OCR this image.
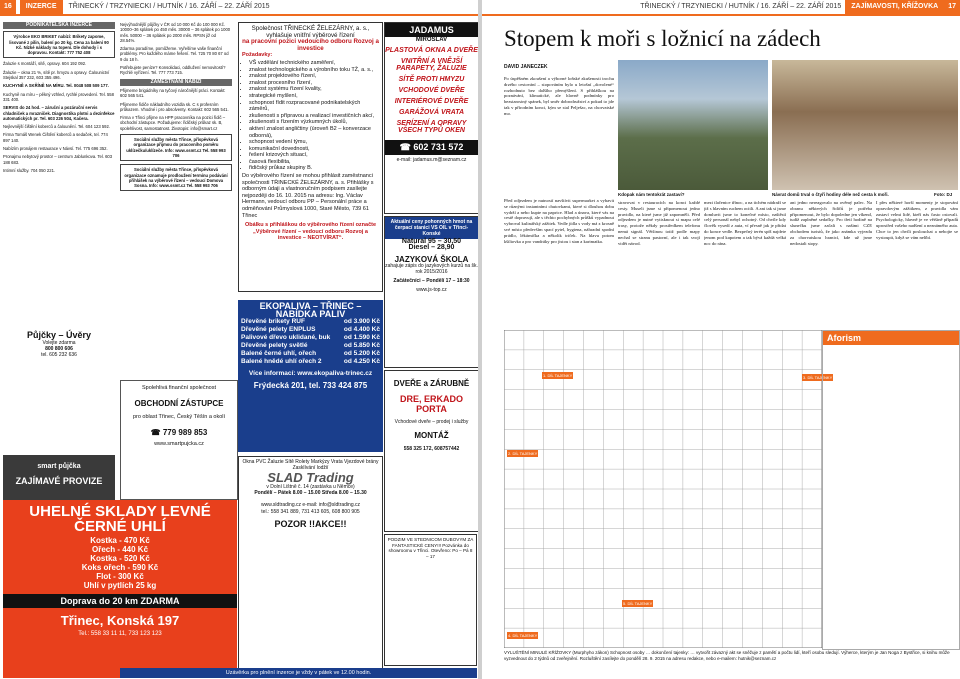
16 INZERCE TŘINECKÝ / TRZYNIECKI / HUTNÍK / 16. ZÁŘÍ – 22. ZÁŘÍ 2015
PODNIKATELSKÁ INZERCE
Výrobce EKO BRIKET nabízí: Brikety zapome, lisované z pilin, balení po 20 kg. Cena za balení 90 Kč. Nízké náklady na topení. Dle dohody i s dopravou. Kontakt: 777 752 408

Žaluzie s montáží, sítě, opravy. 604 192 092.

Žaluzie – okna 21 %, sítě pr. hmyzu a opravy. Čalounictví Stejskal 357 232, 603 355 496.

KUCHYNĚ A SKŘÍNĚ NA MÍRU. Tel. 0048 508 509 177.

Kuchyně na míru – pěkný vzhled, rychlé provedení. Tel. 558 331 400.

SERVIS do 24 hod. – záruční a pozáruční servis chladniček a mrazniček. Diagnostika plotni a dezinfekce automatických pr. Tel. 603 226 504, Kačera.

Nejlevnější čištění koberců a čalounění. Tel. 604 123 592.

Firma Tomáš Wenek Čištění koberců a sedaček, tel. 774 897 140.

Nabízím pronájem restaurace v Návsí. Tel. 775 696 352.

Pronajmu nebytový prostor – centrum Jablunkova. Tel. 603 188 683.

Intimní služby. 704 050 221.

Půjčky – Úvěry
Volejte zdarma
800 800 606
tel. 605 232 636

Nejvýhodnější půjčky v ČR od 10 000 Kč do 100 000 Kč. 10000–36 splátek po 450 měs. 30000 – 36 splátek po 1000 měs. 50000 – 36 splátek po 2000 měs. RPSN již od 28.54%.

Zdarma poradíme, pomůžeme. Vyřešíme vaše finanční problémy. Pro každého máme řešení. Tel. 725 70 80 67 od 9 do 18 h.

Potřebujete peníze? Konsolidaci, oddlužení nemovitostí? Rychlé vyřízení. Tel. 777 773 715.

ZAMĚSTNÁNÍ NABÍZÍ

Přijmeme brigádníky na tyčový náročnější práci. Kontakt: 602 565 541.

Přijmeme řidiče nákladního vozidla sk. C s profesním průkazem. Vhodné i pro absolventy. Kontakt: 602 565 541.

Firma v Třinci přijme na HPP pracovníka na pozici řidič – obchodní zástupce. Požadujeme: řidičský průkaz sk. B, spolehlivost, samostatnost. Životopis: info@smart.cz

Sociální služby města Třince, příspěvková organizace přijmou do pracovního poměru uklízečku/uklízeče. Info: www.ssmt.cz Tel. 558 993 706
Sociální služby města Třince, příspěvková organizace oznamuje prodloužení termínu podávání přihlášek na výběrové řízení – vedoucí Domova Sosna. Info: www.ssmt.cz Tel. 558 993 706
smart půjčka
ZAJÍMAVÉ PROVIZE
Spolehlivá finanční společnost
OBCHODNÍ ZÁSTUPCE
pro oblast Třinec, Český Těšín a okolí
☎ 779 989 853
www.smartpujcka.cz
UHELNÉ SKLADY LEVNÉ ČERNÉ UHLÍ
Kostka - 470 Kč
Ořech - 440 Kč
Kostka - 520 Kč
Koks ořech - 590 Kč
Flot - 300 Kč
Uhlí v pytlích 25 kg
Doprava do 20 km ZDARMA
Třinec, Konská 197
Tel.: 558 33 11 11, 733 123 123
Společnost TŘINECKÉ ŽELEZÁRNY, a. s., vyhlašuje vnitřní výběrové řízení
na pracovní pozici vedoucího odboru Rozvoj a investice
Požadavky:
• VŠ vzdělání technického zaměření,
• znalost technologického a výrobního toku TŽ, a. s.,
• znalost projektového řízení,
• znalost procesního řízení,
• znalost systému řízení kvality,
• strategické myšlení,
• schopnost řídit rozpracované podnikatelských záměrů,
• zkušenosti s přípravou a realizací investičních akcí,
• zkušenosti s řízením výzkumných úkolů,
• aktivní znalost angličtiny (úroveň B2 – konverzace odborná),
• schopnost vedení týmu,
• komunikační dovednosti,
• řešení krizových situací,
• časová flexibilita,
• řidičský průkaz skupiny B.
Do výběrového řízení se mohou přihlásit zaměstnanci společnosti TŘINECKÉ ŽELEZÁRNY, a. s. Přihlášky s odborným údaji a vlastnoručním podpisem zasílejte nejpozději do 16. 10. 2015 na adresu: Ing. Václav Hermann, vedoucí odboru PP – Personální práce a odměňování Průmyslová 1000, Staré Město, 739 61 Třinec
Obálku s přihláškou do výběrového řízení označte „Výběrové řízení – vedoucí odboru Rozvoj a investice – NEOTVÍRAT“.
JADAMUS
MIROSLAV
PLASTOVÁ OKNA A DVEŘE
VNITŘNÍ A VNĚJŠÍ PARAPETY, ŽALUZIE
SÍTĚ PROTI HMYZU
VCHODOVÉ DVEŘE
INTERIÉROVÉ DVEŘE
GARÁŽOVÁ VRATA
SERÍZENÍ A OPRAVY VŠECH TYPŮ OKEN
☎ 602 731 572
e-mail: jadamus.m@seznam.cz
Aktuální ceny pohonných hmot na čerpací stanici VS OIL v Třinci-Konské
Natural 95 – 30,50
Diesel – 28,90
JAZYKOVÁ ŠKOLA
zahajuje zápis do jazykových kurzů na šk. rok 2015/2016
Začátečníci – Pondělí 17 – 18:30
www.js-top.cz
EKOPALIVA – TŘINEC – NABÍDKA PALIV
Dřevěné brikety RUF	od 3.900 Kč
Dřevěné pelety ENPLUS	od 4.400 Kč
Palivové dřevo uklidané, buk od 1.590 Kč
Dřevěné pelety světlé	od 5.850 Kč
Balené černé uhlí, ořech	od 5.200 Kč
Balené hnědé uhlí ořech 2	od 4.250 Kč
Více informací: www.ekopaliva-trinec.cz
Frýdecká 201, tel. 733 424 875
Okna PVC Žaluzie Sítě Rolety Markýzy Vrata Vjezdové brány Zasklívání lodžií
SLAD Trading
v Dolní Lištně č. 14 (zastávka u Němce)
Pondělí – Pátek 8.00 – 15.00 Středa 8.00 – 15.30
www.sldtrading.cz e-mail: info@sldtrading.cz
tel.: 558 341 889, 731 413 605, 608 800 905
POZOR !!AKCE!!
DVEŘE a ZÁRUBNĚ
DRE, ERKADO PORTA
Vchodové dveře – prodej i služby
MONTÁŽ
558 325 172, 608757442
PODZIM VE STEDNICOM DUBOVYM ZA FANTASTICKÉ CENY!!! Pozvánka do showroomu v Třinci. Otevřeno: Po – Pá 8 – 17
Uzávěrka pro plnění inzerce je vždy v pátek ve 12.00 hodin.
TŘINECKÝ / TRZYNIECKI / HUTNÍK / 16. ZÁŘÍ – 22. ZÁŘÍ 2015 ZAJÍMAVOSTI, KŘÍŽOVKA 17
Stopem k moři s ložnicí na zádech
DAVID JANECZEK
Po úspěšném zkoušení a výborné loňské zkušenosti trochu drzého cestování – stopováním bylo u letošní „dovolené“ rozhodnuto bez dalšího přemýšlení. S přihláškou na poznávání, klimatické, ale hlavně podmínky pro bezstarostný spánek, byl směr dobrodružství a pokud to jde tak v přírodním konci, kým se stal Pelješac, na chorvatské mo.
Kdopak nám tentokrát zastaví?	Návrat domů trval o čtyři hodiny déle než cesta k moři.	Foto: DJ
Před odjezdem je nutností navštívit supermarket a vybavit se různými instantními chutovkami, které si dlouhou dobu vydrží a nebo kupte na paprice. Hlad a únava, které vás na cestě dopravují, ale s těchto pochybných průšků vypadnout vybroval kulinářský zážitek. Vedle jídla s vody má z krosně své místo především spací pytel, hygiena, náhradní spodní prádlo, lékárnička a několik triček. Na hlavu potom kšiltovka a pro vandráky pro jistou i stan a karimatka.
stravovat v restauracích na konci každé cesty. Museli jsme si připomenout jedno pravidlo, na které jsme již zapomněli. Před odjezdem je nutné vytisknout si mapu celé trasy, protože někdy prostředkem telefonu nemá signál. Většinou totiž podle mapy nechal se stranu pastorní, ale i tak svojí vidět návod.
mezi tlačenice třínoc, a na tichém nádraží se již s hlavním ruchem ocitli. A ani tak si jsme domluvit jsme to konečné místo, naštěstí celý personál nebyl ochotný. Od chvíle kdy člověk vysedí z auta, ví přesně jak je přidat do konce vedle. Bezpečný terén spíš najdete jenom pod kapotem a tak bývá každá velká noc do rána.
ani jedno nereagovalo na ověmý palec. Na obranu některých řidičů je potřeba připomenout, že bylo dopoledne jen víkend, tudíž zaplněné sedačky. Pro třetí hodině na slunečku jsme začali s našimi CZE obchodem turistů, že jako známka vyjezdu za chorvatskou hranicí, kde už jsme nedostali stopy.
I přes některé horší momenty je stopování opravdovým zážitkem, z pravidla vám zastaví velmi lidé, kteří nás často ostovali. Psychologicky, hlavně je ve většině případů uprostřed vašeho nadšení a neznámého auta. Chce to jen chvíli poslouchat a nebojte se vystoupit, když se vám nelíbí.
1. DÍL TAJENKY
2. DÍL TAJENKY
3. DÍL TAJENKY
4. DÍL TAJENKY
5. DÍL TAJENKY
Aforism
VYLUŠTĚNÍ MINULÉ KŘÍŽOVKY (Murphyho zákon) Schopnost osoby … dokončení tajenky: … vytvořit závazný akt se sněžuje z pamětí a počtu lidí, kteří osobu sledují. Výherce, kterým je Jan Noga z Bystřice, si knihu může vyzvednout do 2 týdnů od zveřejnění. Rozluštění zasílejte do pondělí 28. 9. 2015 na adresu redakce, nebo e-mailem: hutnik@seznam.cz
